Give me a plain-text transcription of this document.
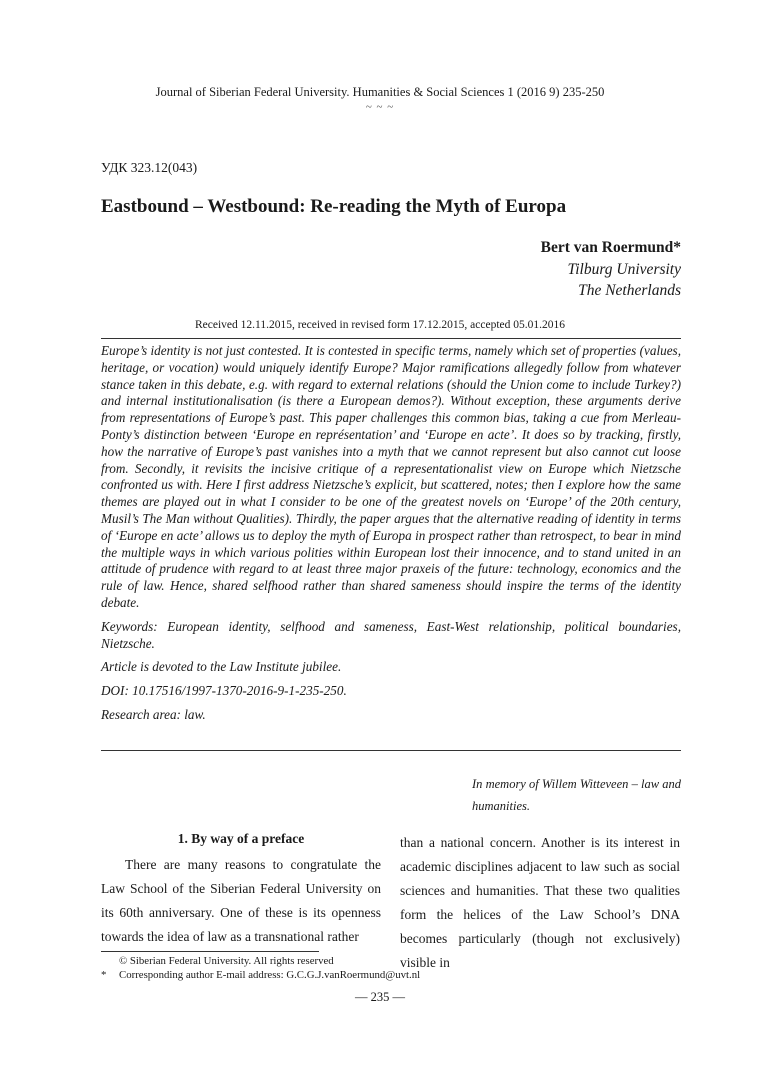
Journal of Siberian Federal University. Humanities & Social Sciences 1 (2016 9) 235-250
~ ~ ~
УДК 323.12(043)
Eastbound – Westbound: Re-reading the Myth of Europa
Bert van Roermund*
Tilburg University
The Netherlands
Received 12.11.2015, received in revised form 17.12.2015, accepted 05.01.2016

Europe’s identity is not just contested. It is contested in specific terms, namely which set of properties (values, heritage, or vocation) would uniquely identify Europe? Major ramifications allegedly follow from whatever stance taken in this debate, e.g. with regard to external relations (should the Union come to include Turkey?) and internal institutionalisation (is there a European demos?). Without exception, these arguments derive from representations of Europe’s past. This paper challenges this common bias, taking a cue from Merleau-Ponty’s distinction between ‘Europe en représentation’ and ‘Europe en acte’. It does so by tracking, firstly, how the narrative of Europe’s past vanishes into a myth that we cannot represent but also cannot cut loose from. Secondly, it revisits the incisive critique of a representationalist view on Europe which Nietzsche confronted us with. Here I first address Nietzsche’s explicit, but scattered, notes; then I explore how the same themes are played out in what I consider to be one of the greatest novels on ‘Europe’ of the 20th century, Musil’s The Man without Qualities). Thirdly, the paper argues that the alternative reading of identity in terms of ‘Europe en acte’ allows us to deploy the myth of Europa in prospect rather than retrospect, to bear in mind the multiple ways in which various polities within European lost their innocence, and to stand united in an attitude of prudence with regard to at least three major praxeis of the future: technology, economics and the rule of law. Hence, shared selfhood rather than shared sameness should inspire the terms of the identity debate.

Keywords: European identity, selfhood and sameness, East-West relationship, political boundaries, Nietzsche.

Article is devoted to the Law Institute jubilee.

DOI: 10.17516/1997-1370-2016-9-1-235-250.

Research area: law.

In memory of Willem Witteveen – law and humanities.
1. By way of a preface

There are many reasons to congratulate the Law School of the Siberian Federal University on its 60th anniversary. One of these is its openness towards the idea of law as a transnational rather

than a national concern. Another is its interest in academic disciplines adjacent to law such as social sciences and humanities. That these two qualities form the helices of the Law School’s DNA becomes particularly (though not exclusively) visible in

© Siberian Federal University. All rights reserved
*	Corresponding author E-mail address: G.C.G.J.vanRoermund@uvt.nl
— 235 —
